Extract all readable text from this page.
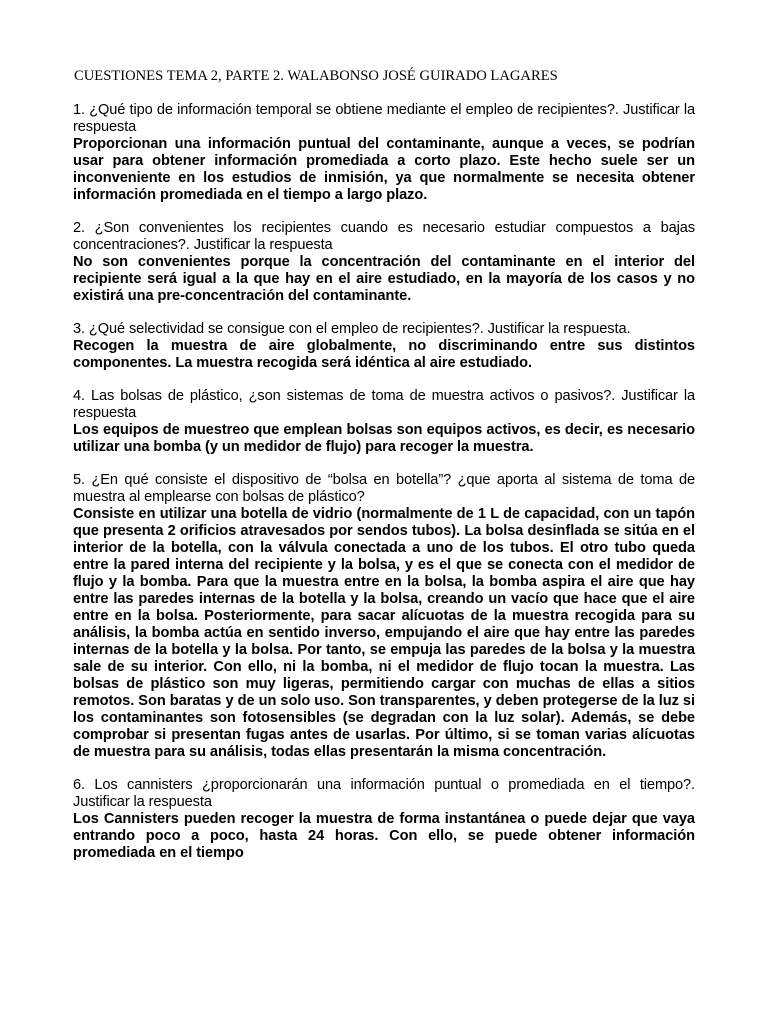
CUESTIONES TEMA 2, PARTE 2. WALABONSO JOSÉ GUIRADO LAGARES
1. ¿Qué tipo de información temporal se obtiene mediante el empleo de recipientes?. Justificar la respuesta
Proporcionan una información puntual del contaminante, aunque a veces, se podrían usar para obtener información promediada a corto plazo. Este hecho suele ser un inconveniente en los estudios de inmisión, ya que normalmente se necesita obtener información promediada en el tiempo a largo plazo.
2. ¿Son convenientes los recipientes cuando es necesario estudiar compuestos a bajas concentraciones?. Justificar la respuesta
No son convenientes porque la concentración del contaminante en el interior del recipiente será igual a la que hay en el aire estudiado, en la mayoría de los casos y no existirá una pre-concentración del contaminante.
3. ¿Qué selectividad se consigue con el empleo de recipientes?. Justificar la respuesta.
Recogen la muestra de aire globalmente, no discriminando entre sus distintos componentes. La muestra recogida será idéntica al aire estudiado.
4. Las bolsas de plástico, ¿son sistemas de toma de muestra activos o pasivos?. Justificar la respuesta
Los equipos de muestreo que emplean bolsas son equipos activos, es decir, es necesario utilizar una bomba (y un medidor de flujo) para recoger la muestra.
5. ¿En qué consiste el dispositivo de “bolsa en botella”? ¿que aporta al sistema de toma de muestra al emplearse con bolsas de plástico?
Consiste en utilizar una botella de vidrio (normalmente de 1 L de capacidad, con un tapón que presenta 2 orificios atravesados por sendos tubos). La bolsa desinflada se sitúa en el interior de la botella, con la válvula conectada a uno de los tubos. El otro tubo queda entre la pared interna del recipiente y la bolsa, y es el que se conecta con el medidor de flujo y la bomba. Para que la muestra entre en la bolsa, la bomba aspira el aire que hay entre las paredes internas de la botella y la bolsa, creando un vacío que hace que el aire entre en la bolsa. Posteriormente, para sacar alícuotas de la muestra recogida para su análisis, la bomba actúa en sentido inverso, empujando el aire que hay entre las paredes internas de la botella y la bolsa. Por tanto, se empuja las paredes de la bolsa y la muestra sale de su interior. Con ello, ni la bomba, ni el medidor de flujo tocan la muestra. Las bolsas de plástico son muy ligeras, permitiendo cargar con muchas de ellas a sitios remotos. Son baratas y de un solo uso. Son transparentes, y deben protegerse de la luz si los contaminantes son fotosensibles (se degradan con la luz solar). Además, se debe comprobar si presentan fugas antes de usarlas. Por último, si se toman varias alícuotas de muestra para su análisis, todas ellas presentarán la misma concentración.
6. Los cannisters ¿proporcionarán una información puntual o promediada en el tiempo?. Justificar la respuesta
Los Cannisters pueden recoger la muestra de forma instantánea o puede dejar que vaya entrando poco a poco, hasta 24 horas. Con ello, se puede obtener información promediada en el tiempo
